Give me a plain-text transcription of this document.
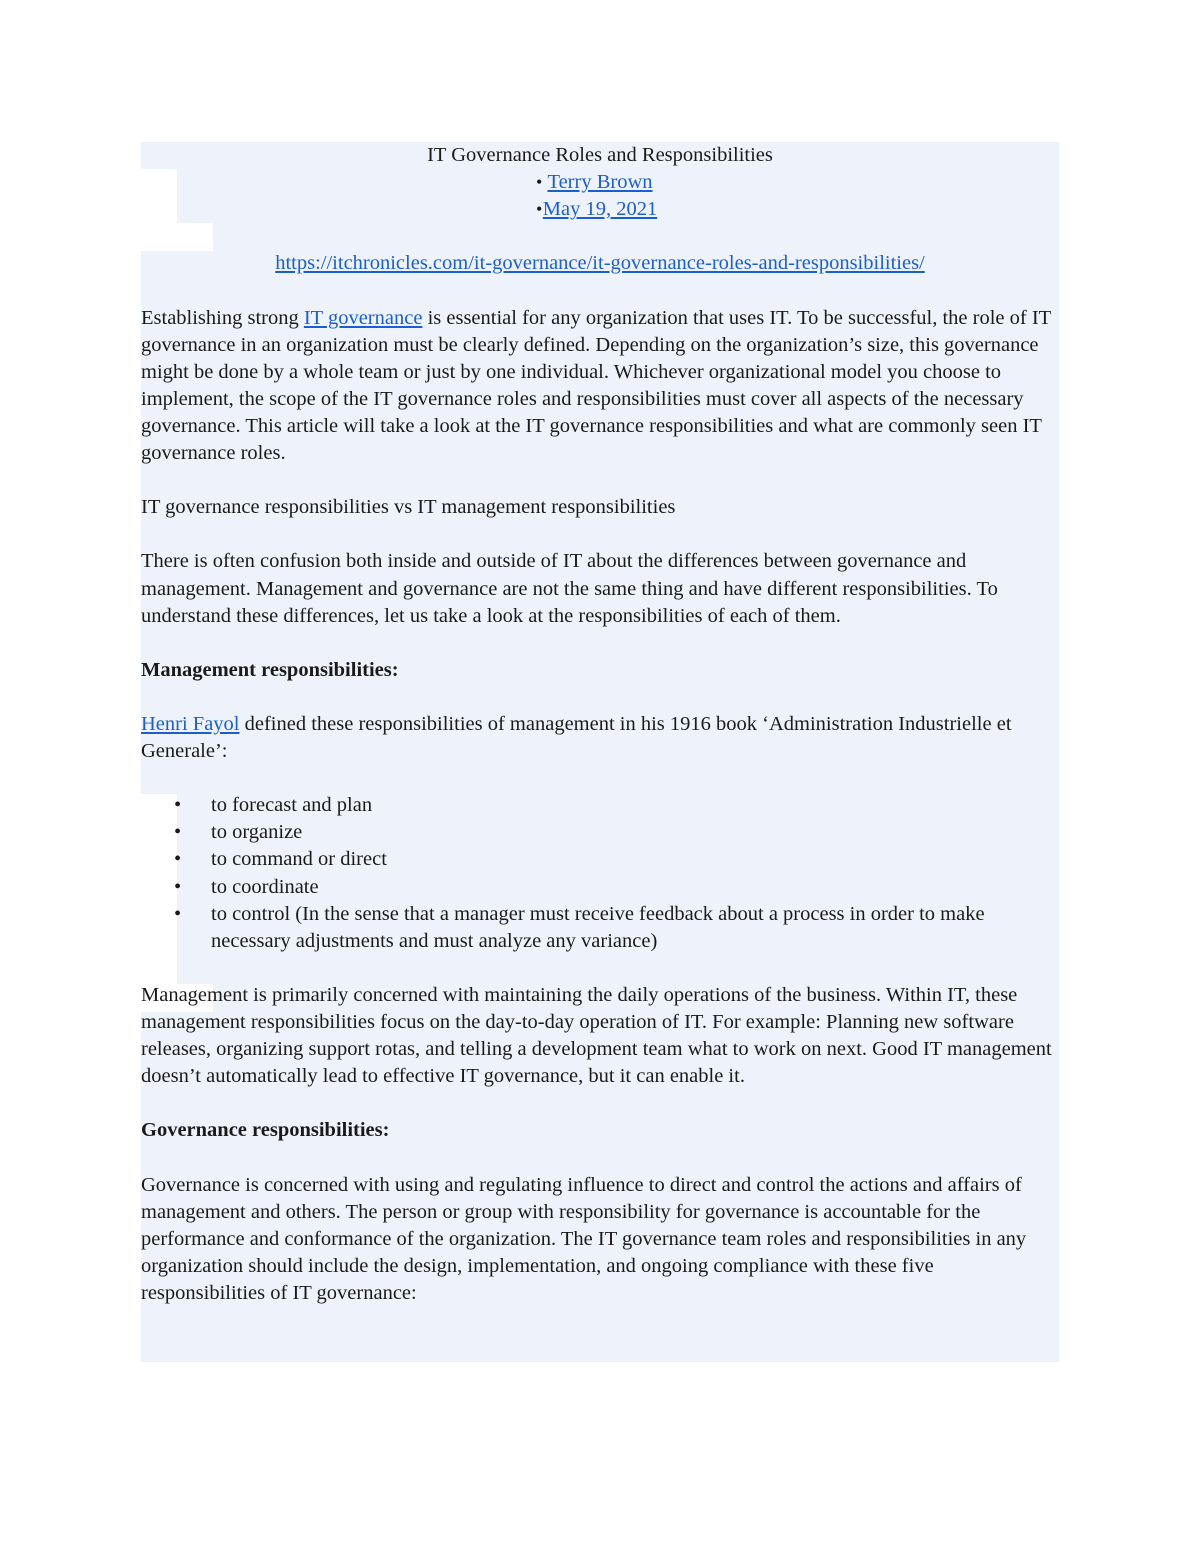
IT Governance Roles and Responsibilities

• Terry Brown

• May 19, 2021

https://itchronicles.com/it-governance/it-governance-roles-and-responsibilities/

Establishing strong IT governance is essential for any organization that uses IT. To be successful, the role of IT governance in an organization must be clearly defined. Depending on the organization’s size, this governance might be done by a whole team or just by one individual. Whichever organizational model you choose to implement, the scope of the IT governance roles and responsibilities must cover all aspects of the necessary governance. This article will take a look at the IT governance responsibilities and what are commonly seen IT governance roles.

IT governance responsibilities vs IT management responsibilities

There is often confusion both inside and outside of IT about the differences between governance and management. Management and governance are not the same thing and have different responsibilities. To understand these differences, let us take a look at the responsibilities of each of them.

Management responsibilities:

Henri Fayol defined these responsibilities of management in his 1916 book ‘Administration Industrielle et Generale’:

• to forecast and plan
• to organize
• to command or direct
• to coordinate
• to control (In the sense that a manager must receive feedback about a process in order to make necessary adjustments and must analyze any variance)

Management is primarily concerned with maintaining the daily operations of the business. Within IT, these management responsibilities focus on the day-to-day operation of IT. For example: Planning new software releases, organizing support rotas, and telling a development team what to work on next. Good IT management doesn’t automatically lead to effective IT governance, but it can enable it.

Governance responsibilities:

Governance is concerned with using and regulating influence to direct and control the actions and affairs of management and others. The person or group with responsibility for governance is accountable for the performance and conformance of the organization. The IT governance team roles and responsibilities in any organization should include the design, implementation, and ongoing compliance with these five responsibilities of IT governance:
